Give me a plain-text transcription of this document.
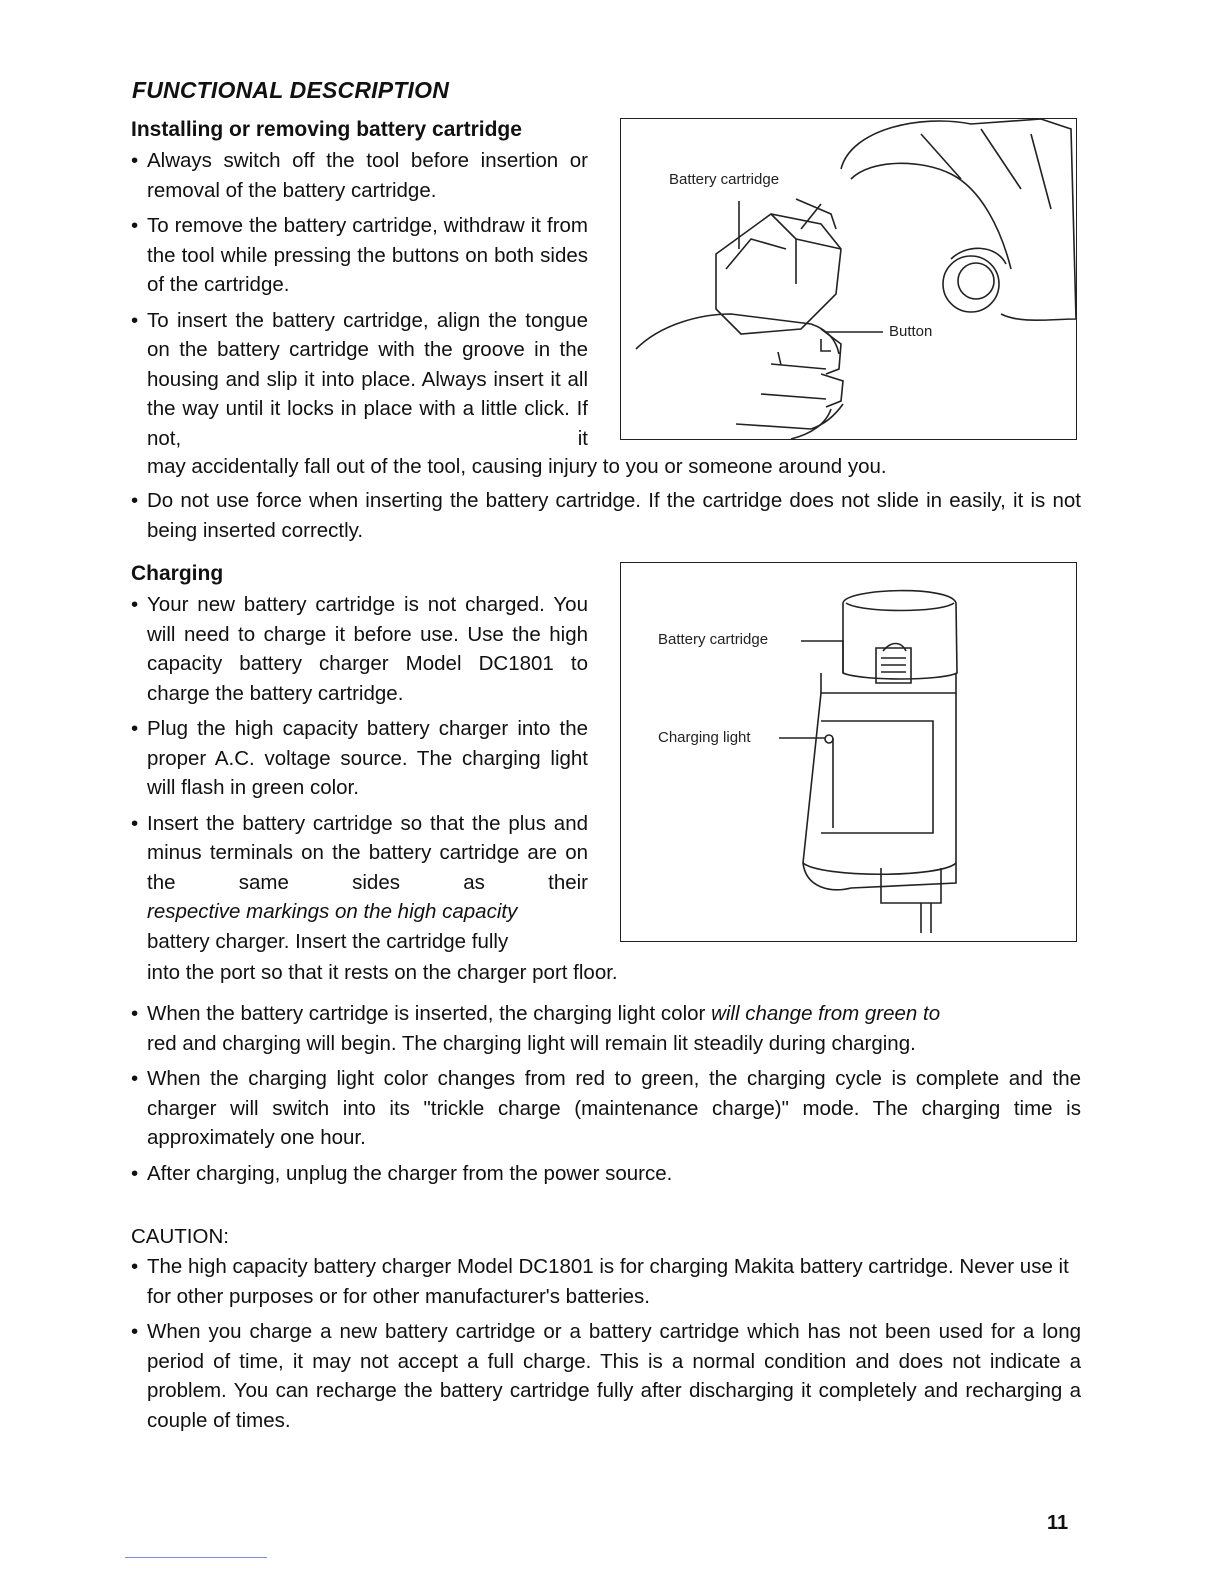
FUNCTIONAL DESCRIPTION
Installing or removing battery cartridge
• Always switch off the tool before insertion or removal of the battery cartridge.
• To remove the battery cartridge, withdraw it from the tool while pressing the buttons on both sides of the cartridge.
• To insert the battery cartridge, align the tongue on the battery cartridge with the groove in the housing and slip it into place. Always insert it all the way until it locks in place with a little click. If not, it
may accidentally fall out of the tool, causing injury to you or someone around you.
• Do not use force when inserting the battery cartridge. If the cartridge does not slide in easily, it is not being inserted correctly.
Battery cartridge
Button
Charging
• Your new battery cartridge is not charged. You will need to charge it before use. Use the high capacity battery charger Model DC1801 to charge the battery cartridge.
• Plug the high capacity battery charger into the proper A.C. voltage source. The charging light will flash in green color.
• Insert the battery cartridge so that the plus and minus terminals on the battery cartridge are on the same sides as their
respective markings on the high capacity
battery charger. Insert the cartridge fully
into the port so that it rests on the charger port floor.
• When the battery cartridge is inserted, the charging light color will change from green to
red and charging will begin. The charging light will remain lit steadily during charging.
• When the charging light color changes from red to green, the charging cycle is complete and the charger will switch into its "trickle charge (maintenance charge)" mode. The charging time is approximately one hour.
• After charging, unplug the charger from the power source.
Battery cartridge
Charging light
CAUTION:
• The high capacity battery charger Model DC1801 is for charging Makita battery cartridge. Never use it for other purposes or for other manufacturer's batteries.
• When you charge a new battery cartridge or a battery cartridge which has not been used for a long period of time, it may not accept a full charge. This is a normal condition and does not indicate a problem. You can recharge the battery cartridge fully after discharging it completely and recharging a couple of times.
11
